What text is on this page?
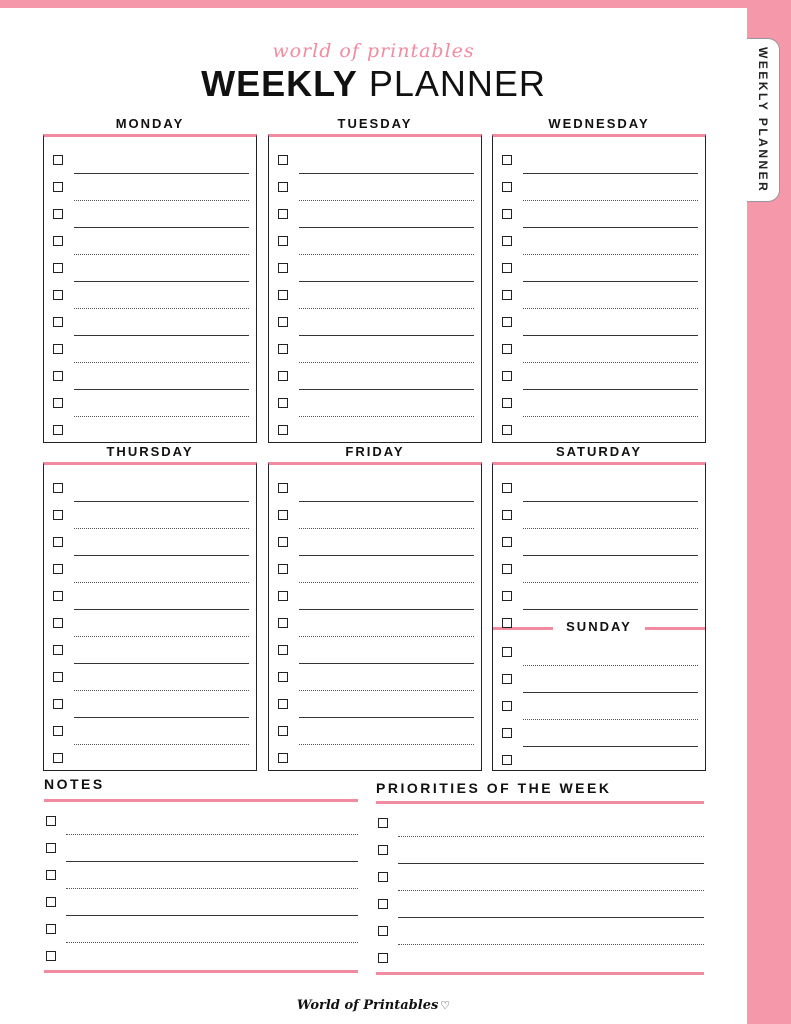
world of printables
WEEKLY PLANNER
MONDAY	TUESDAY	WEDNESDAY
THURSDAY	FRIDAY	SATURDAY
SUNDAY
NOTES	PRIORITIES OF THE WEEK
World of Printables ♡
WEEKLY PLANNER
